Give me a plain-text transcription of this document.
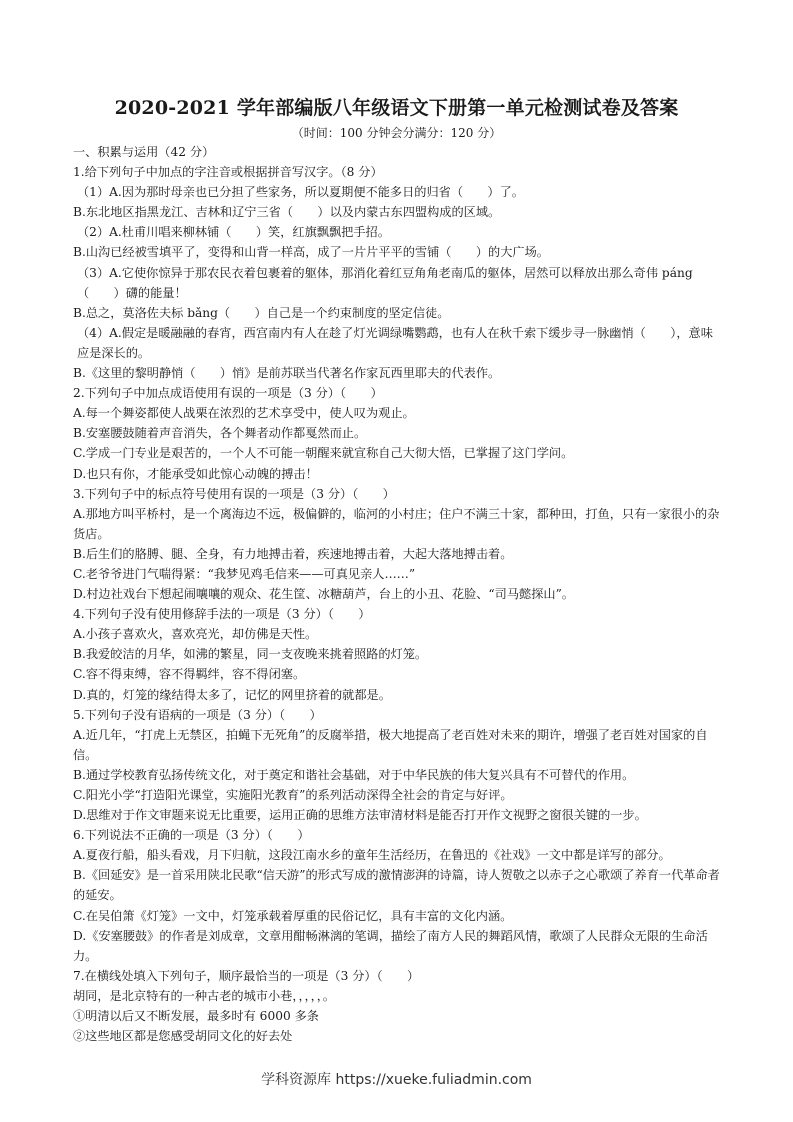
2020-2021 学年部编版八年级语文下册第一单元检测试卷及答案
（时间：100 分钟会分满分：120 分）

一、积累与运用（42 分）

1.给下列句子中加点的字注音或根据拼音写汉字。（8 分）

（1）A.因为那时母亲也已分担了些家务，所以夏期便不能多日的归省（　　）了。

B.东北地区指黑龙江、吉林和辽宁三省（　　）以及内蒙古东四盟构成的区域。

（2）A.杜甫川唱来柳林铺（　　）笑，红旗飘飘把手招。

B.山沟已经被雪填平了，变得和山背一样高，成了一片片平平的雪铺（　　）的大广场。

（3）A.它使你惊异于那农民衣着包裹着的躯体，那消化着红豆角角老南瓜的躯体，居然可以释放出那么奇伟 páng（　　）礴的能量！

B.总之，莫洛佐夫标 bǎng（　　）自己是一个约束制度的坚定信徒。

（4）A.假定是暖融融的春宵，西宫南内有人在趁了灯光调绿嘴鹦鹉，也有人在秋千索下缓步寻一脉幽悄（　　），意味应是深长的。

B.《这里的黎明静悄（　　）悄》是前苏联当代著名作家瓦西里耶夫的代表作。

2.下列句子中加点成语使用有误的一项是（3 分）（　　）

A.每一个舞姿都使人战栗在浓烈的艺术享受中，使人叹为观止。

B.安塞腰鼓随着声音消失，各个舞者动作都戛然而止。

C.学成一门专业是艰苦的，一个人不可能一朝醒来就宣称自己大彻大悟，已掌握了这门学问。

D.也只有你，才能承受如此惊心动魄的搏击！

3.下列句子中的标点符号使用有误的一项是（3 分）（　　）

A.那地方叫平桥村，是一个离海边不远，极偏僻的，临河的小村庄；住户不满三十家，都种田，打鱼，只有一家很小的杂货店。

B.后生们的胳膊、腿、全身，有力地搏击着，疾速地搏击着，大起大落地搏击着。

C.老爷爷进门气喘得紧：“我梦见鸡毛信来——可真见亲人……”

D.村边社戏台下想起闹嚷嚷的观众、花生筐、冰糖葫芦，台上的小丑、花脸、“司马懿探山”。

4.下列句子没有使用修辞手法的一项是（3 分）（　　）

A.小孩子喜欢火，喜欢亮光，却仿佛是天性。

B.我爱皎洁的月华，如沸的繁星，同一支夜晚来挑着照路的灯笼。

C.容不得束缚，容不得羁绊，容不得闭塞。

D.真的，灯笼的缘结得太多了，记忆的网里挤着的就都是。

5.下列句子没有语病的一项是（3 分）（　　）

A.近几年，“打虎上无禁区，拍蝇下无死角”的反腐举措，极大地提高了老百姓对未来的期许，增强了老百姓对国家的自信。

B.通过学校教育弘扬传统文化，对于奠定和谐社会基础，对于中华民族的伟大复兴具有不可替代的作用。

C.阳光小学“打造阳光课堂，实施阳光教育”的系列活动深得全社会的肯定与好评。

D.思维对于作文审题来说无比重要，运用正确的思维方法审清材料是能否打开作文视野之窗很关键的一步。

6.下列说法不正确的一项是（3 分）（　　）

A.夏夜行船，船头看戏，月下归航，这段江南水乡的童年生活经历，在鲁迅的《社戏》一文中都是详写的部分。

B.《回延安》是一首采用陕北民歌“信天游”的形式写成的激情澎湃的诗篇，诗人贺敬之以赤子之心歌颂了养育一代革命者的延安。

C.在吴伯箫《灯笼》一文中，灯笼承载着厚重的民俗记忆，具有丰富的文化内涵。

D.《安塞腰鼓》的作者是刘成章，文章用酣畅淋漓的笔调，描绘了南方人民的舞蹈风情，歌颂了人民群众无限的生命活力。

7.在横线处填入下列句子，顺序最恰当的一项是（3 分）（　　）

胡同，是北京特有的一种古老的城市小巷，，，，，。

①明清以后又不断发展，最多时有 6000 多条

②这些地区都是您感受胡同文化的好去处

学科资源库 https://xueke.fuliadmin.com
